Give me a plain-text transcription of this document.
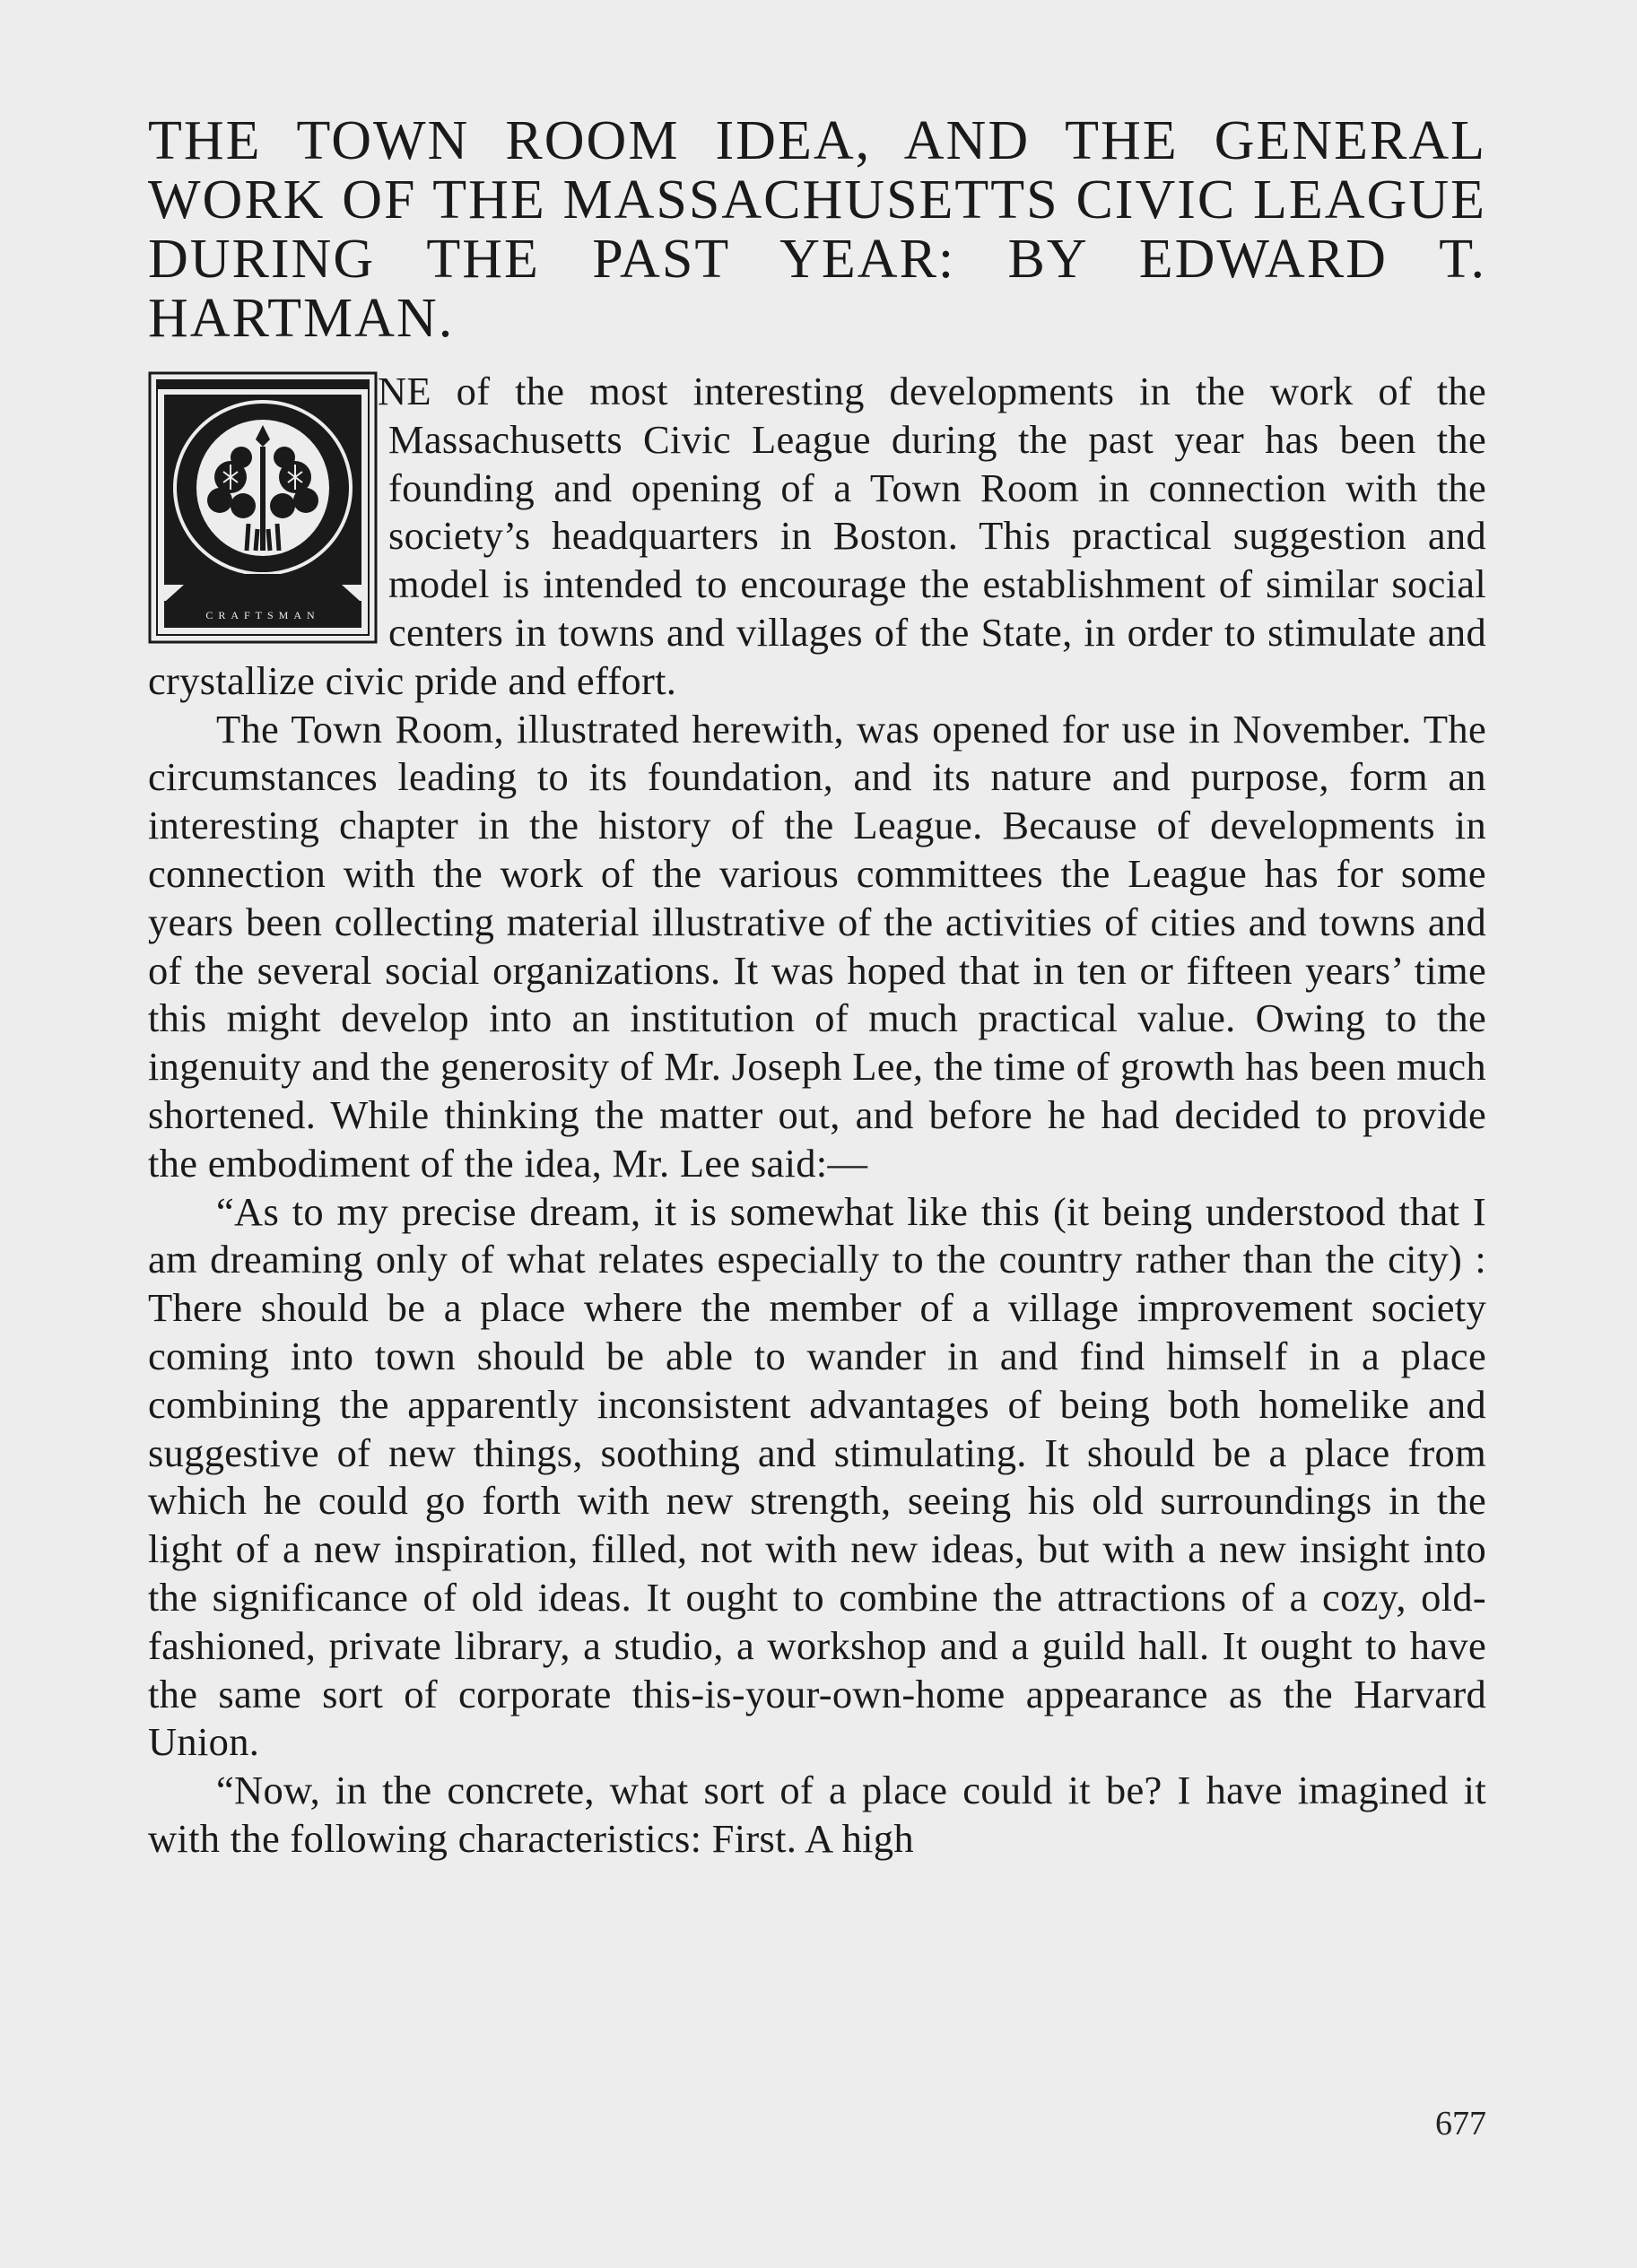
THE TOWN ROOM IDEA, AND THE GENERAL WORK OF THE MASSACHUSETTS CIVIC LEAGUE DURING THE PAST YEAR: BY EDWARD T. HARTMAN.
CRAFTSMAN

NE of the most interesting developments in the work of the Massachusetts Civic League during the past year has been the founding and opening of a Town Room in connection with the society’s headquarters in Boston. This practical suggestion and model is intended to encourage the establishment of similar social centers in towns and villages of the State, in order to stimulate and crystallize civic pride and effort.

The Town Room, illustrated herewith, was opened for use in November. The circumstances leading to its foundation, and its nature and purpose, form an interesting chapter in the history of the League. Because of developments in connection with the work of the various committees the League has for some years been collecting material illustrative of the activities of cities and towns and of the several social organizations. It was hoped that in ten or fifteen years’ time this might develop into an institution of much practical value. Owing to the ingenuity and the generosity of Mr. Joseph Lee, the time of growth has been much shortened. While thinking the matter out, and before he had decided to provide the embodiment of the idea, Mr. Lee said:—

“As to my precise dream, it is somewhat like this (it being understood that I am dreaming only of what relates especially to the country rather than the city) : There should be a place where the member of a village improvement society coming into town should be able to wander in and find himself in a place combining the apparently inconsistent advantages of being both homelike and suggestive of new things, soothing and stimulating. It should be a place from which he could go forth with new strength, seeing his old surroundings in the light of a new inspiration, filled, not with new ideas, but with a new insight into the significance of old ideas. It ought to combine the attractions of a cozy, old-fashioned, private library, a studio, a workshop and a guild hall. It ought to have the same sort of corporate this-is-your-own-home appearance as the Harvard Union.

“Now, in the concrete, what sort of a place could it be? I have imagined it with the following characteristics: First. A high

677
